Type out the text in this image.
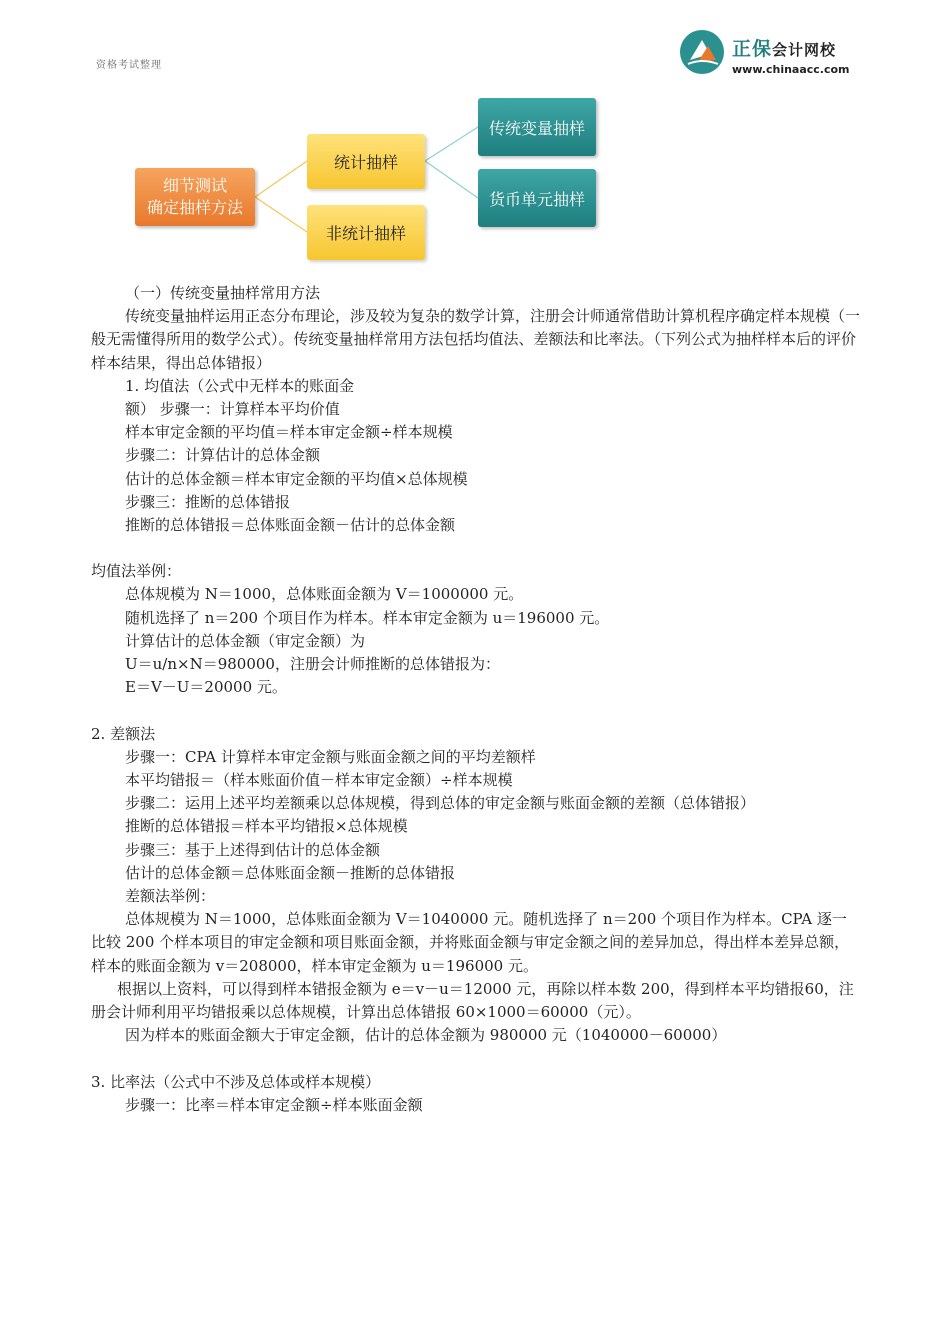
资格考试整理
正保会计网校
www.chinaacc.com
细节测试
确定抽样方法
统计抽样
非统计抽样
传统变量抽样
货币单元抽样
（一）传统变量抽样常用方法
传统变量抽样运用正态分布理论，涉及较为复杂的数学计算，注册会计师通常借助计算机程序确定样本规模（一般无需懂得所用的数学公式）。传统变量抽样常用方法包括均值法、差额法和比率法。（下列公式为抽样样本后的评价样本结果，得出总体错报）
1. 均值法（公式中无样本的账面金
额） 步骤一：计算样本平均价值
样本审定金额的平均值＝样本审定金额÷样本规模
步骤二：计算估计的总体金额
估计的总体金额＝样本审定金额的平均值×总体规模
步骤三：推断的总体错报
推断的总体错报＝总体账面金额－估计的总体金额
均值法举例：
总体规模为 N＝1000，总体账面金额为 V＝1000000 元。
随机选择了 n＝200 个项目作为样本。样本审定金额为 u＝196000 元。
计算估计的总体金额（审定金额）为
U＝u/n×N＝980000，注册会计师推断的总体错报为：
E＝V－U＝20000 元。
2. 差额法
步骤一：CPA 计算样本审定金额与账面金额之间的平均差额样
本平均错报＝（样本账面价值－样本审定金额）÷样本规模
步骤二：运用上述平均差额乘以总体规模，得到总体的审定金额与账面金额的差额（总体错报）
推断的总体错报＝样本平均错报×总体规模
步骤三：基于上述得到估计的总体金额
估计的总体金额＝总体账面金额－推断的总体错报
差额法举例：
总体规模为 N＝1000，总体账面金额为 V＝1040000 元。随机选择了 n＝200 个项目作为样本。CPA 逐一比较 200 个样本项目的审定金额和项目账面金额，并将账面金额与审定金额之间的差异加总，得出样本差异总额，样本的账面金额为 v＝208000，样本审定金额为 u＝196000 元。
根据以上资料，可以得到样本错报金额为 e＝v－u＝12000 元，再除以样本数 200，得到样本平均错报60，注册会计师利用平均错报乘以总体规模，计算出总体错报 60×1000＝60000（元）。
因为样本的账面金额大于审定金额，估计的总体金额为 980000 元（1040000－60000）
3. 比率法（公式中不涉及总体或样本规模）
步骤一：比率＝样本审定金额÷样本账面金额
